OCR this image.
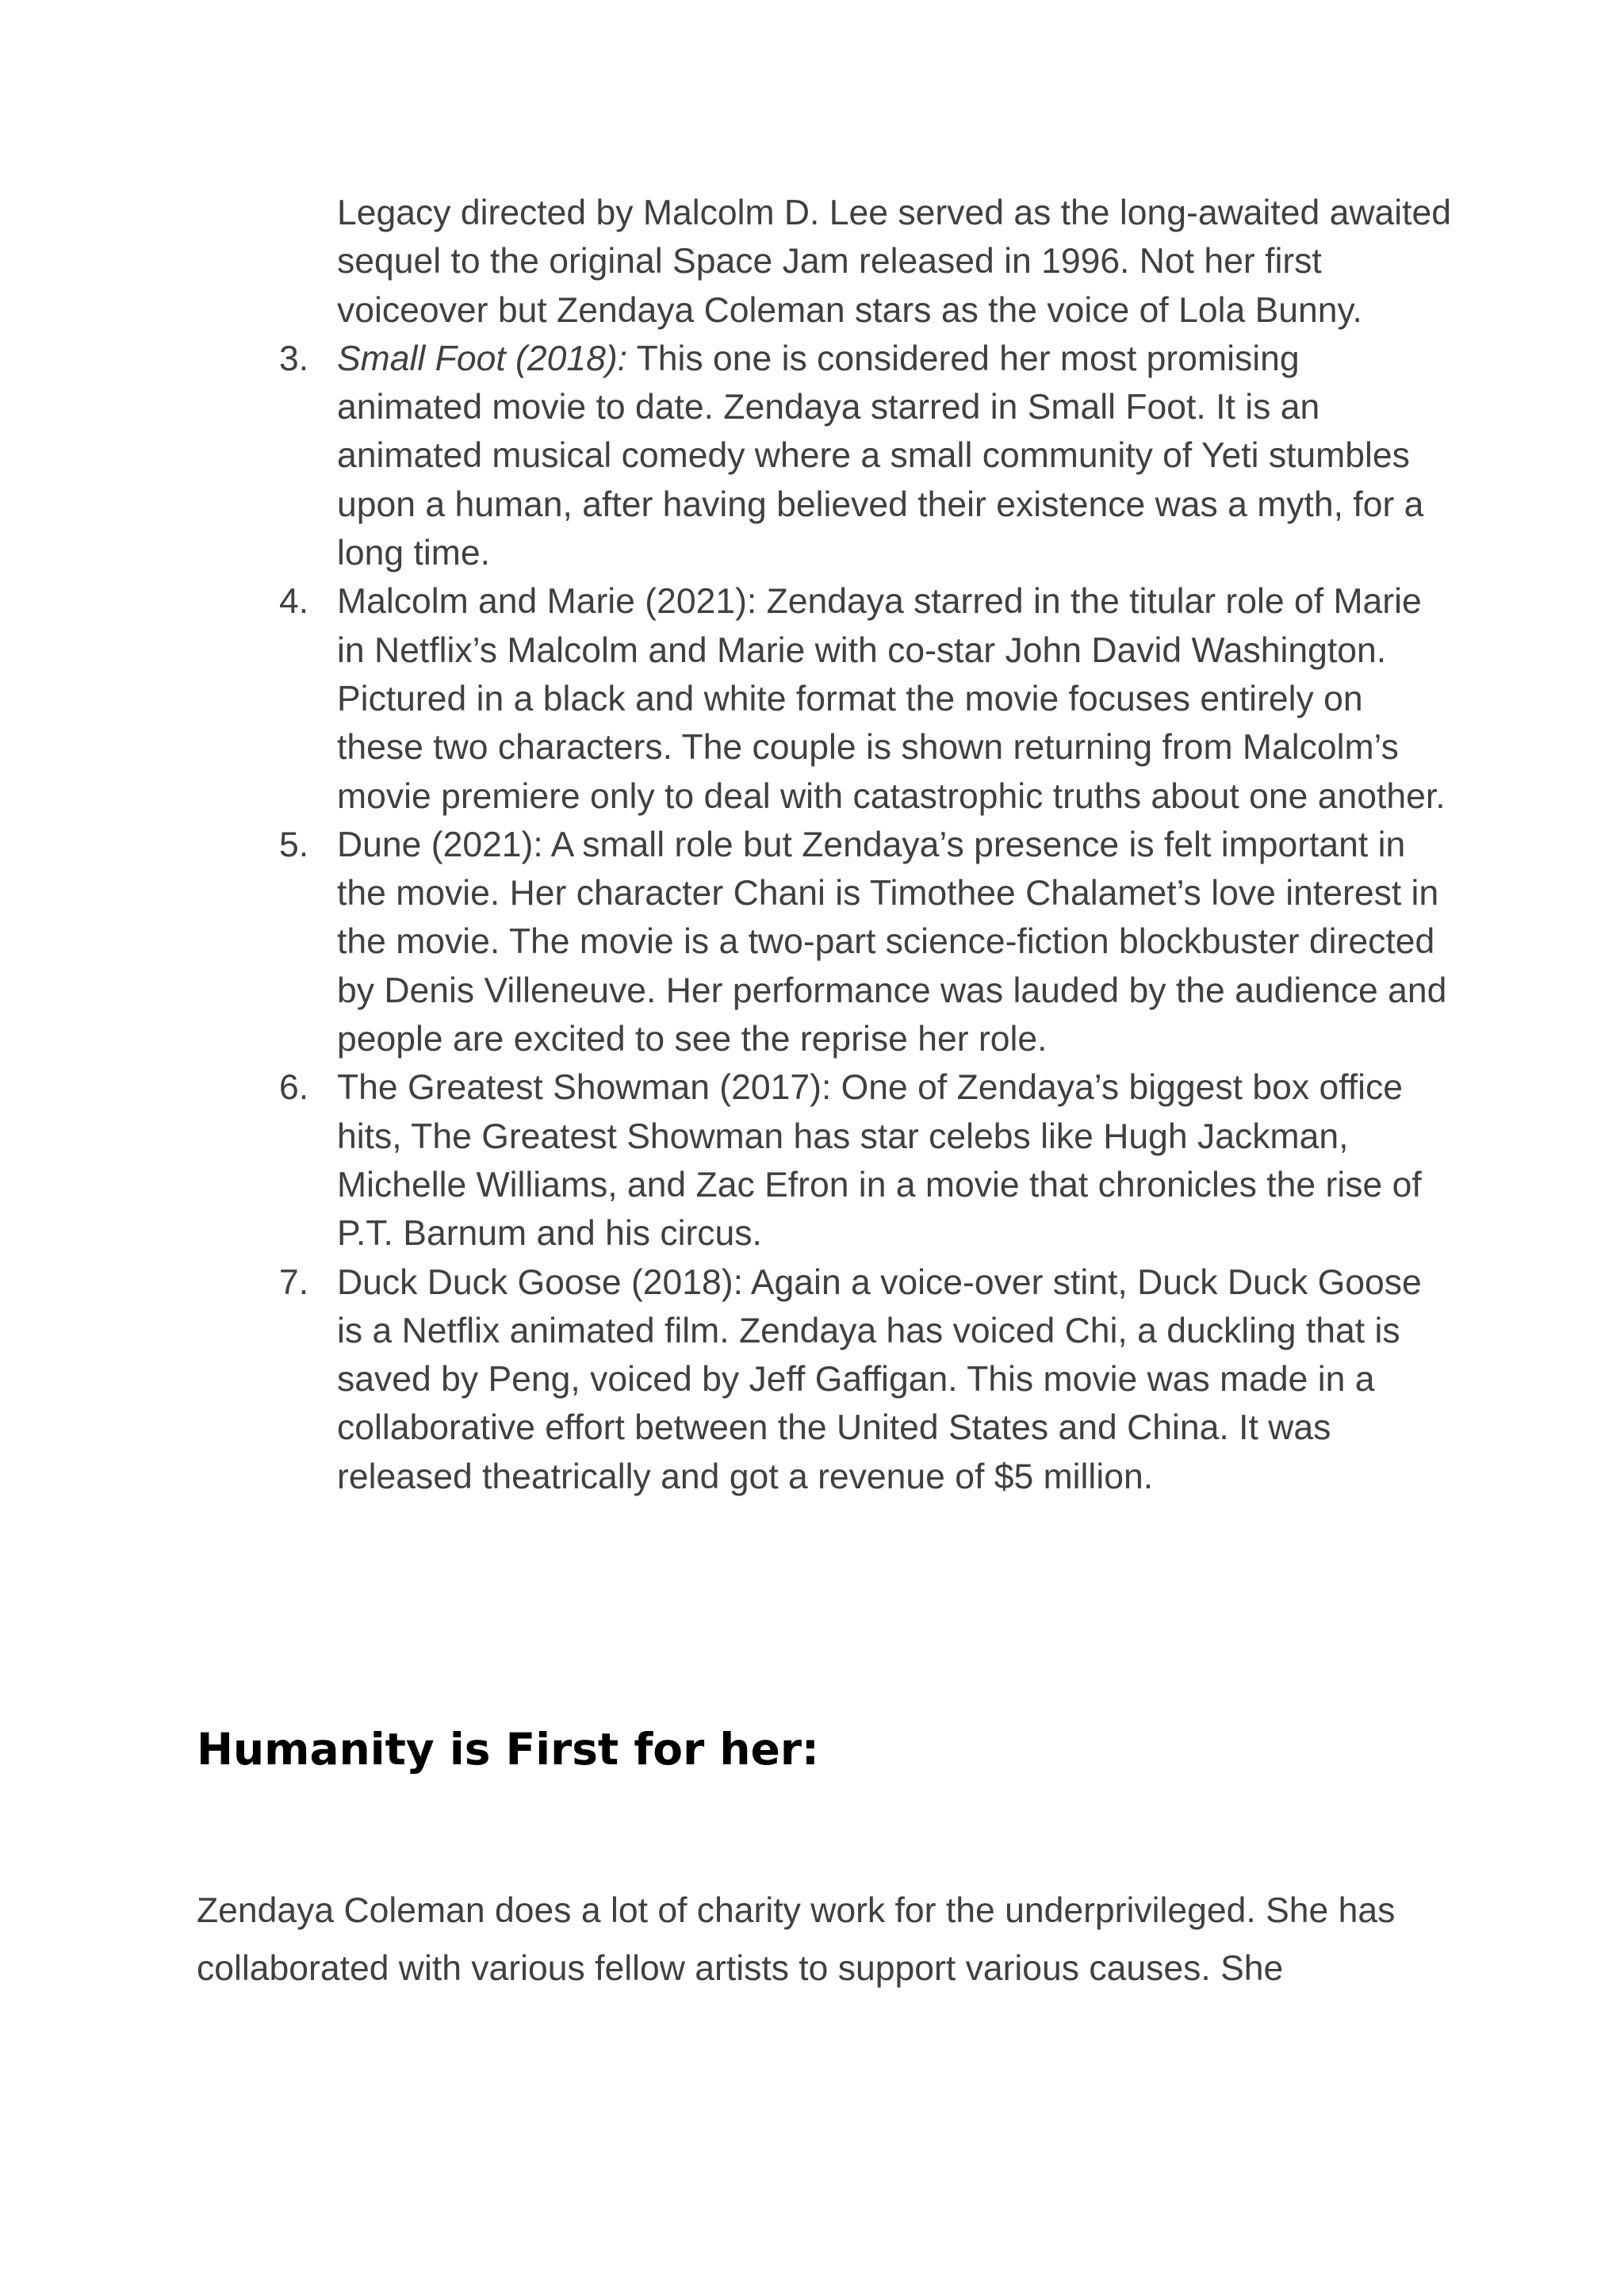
Legacy directed by Malcolm D. Lee served as the long-awaited awaited sequel to the original Space Jam released in 1996. Not her first voiceover but Zendaya Coleman stars as the voice of Lola Bunny.
3. Small Foot (2018): This one is considered her most promising animated movie to date. Zendaya starred in Small Foot. It is an animated musical comedy where a small community of Yeti stumbles upon a human, after having believed their existence was a myth, for a long time.
4. Malcolm and Marie (2021): Zendaya starred in the titular role of Marie in Netflix’s Malcolm and Marie with co-star John David Washington. Pictured in a black and white format the movie focuses entirely on these two characters. The couple is shown returning from Malcolm’s movie premiere only to deal with catastrophic truths about one another.
5. Dune (2021): A small role but Zendaya’s presence is felt important in the movie. Her character Chani is Timothee Chalamet’s love interest in the movie. The movie is a two-part science-fiction blockbuster directed by Denis Villeneuve. Her performance was lauded by the audience and people are excited to see the reprise her role.
6. The Greatest Showman (2017): One of Zendaya’s biggest box office hits, The Greatest Showman has star celebs like Hugh Jackman, Michelle Williams, and Zac Efron in a movie that chronicles the rise of P.T. Barnum and his circus.
7. Duck Duck Goose (2018): Again a voice-over stint, Duck Duck Goose is a Netflix animated film. Zendaya has voiced Chi, a duckling that is saved by Peng, voiced by Jeff Gaffigan. This movie was made in a collaborative effort between the United States and China. It was released theatrically and got a revenue of $5 million.
Humanity is First for her:

Zendaya Coleman does a lot of charity work for the underprivileged. She has collaborated with various fellow artists to support various causes. She
